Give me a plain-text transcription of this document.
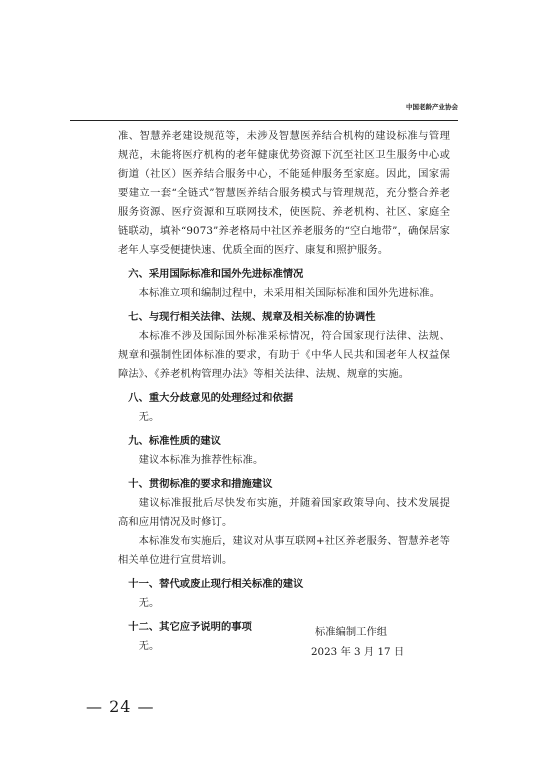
中国老龄产业协会

准、智慧养老建设规范等，未涉及智慧医养结合机构的建设标准与管理规范，未能将医疗机构的老年健康优势资源下沉至社区卫生服务中心或街道（社区）医养结合服务中心，不能延伸服务至家庭。因此，国家需要建立一套“全链式”智慧医养结合服务模式与管理规范，充分整合养老服务资源、医疗资源和互联网技术，使医院、养老机构、社区、家庭全链联动，填补“9073”养老格局中社区养老服务的“空白地带”，确保居家老年人享受便捷快速、优质全面的医疗、康复和照护服务。

六、采用国际标准和国外先进标准情况

本标准立项和编制过程中，未采用相关国际标准和国外先进标准。

七、与现行相关法律、法规、规章及相关标准的协调性

本标准不涉及国际国外标准采标情况，符合国家现行法律、法规、规章和强制性团体标准的要求，有助于《中华人民共和国老年人权益保障法》、《养老机构管理办法》等相关法律、法规、规章的实施。

八、重大分歧意见的处理经过和依据

无。

九、标准性质的建议

建议本标准为推荐性标准。

十、贯彻标准的要求和措施建议

建议标准报批后尽快发布实施，并随着国家政策导向、技术发展提高和应用情况及时修订。

本标准发布实施后，建议对从事互联网+社区养老服务、智慧养老等相关单位进行宣贯培训。

十一、替代或废止现行相关标准的建议

无。

十二、其它应予说明的事项

无。

标准编制工作组
2023 年 3 月 17 日
— 24 —
